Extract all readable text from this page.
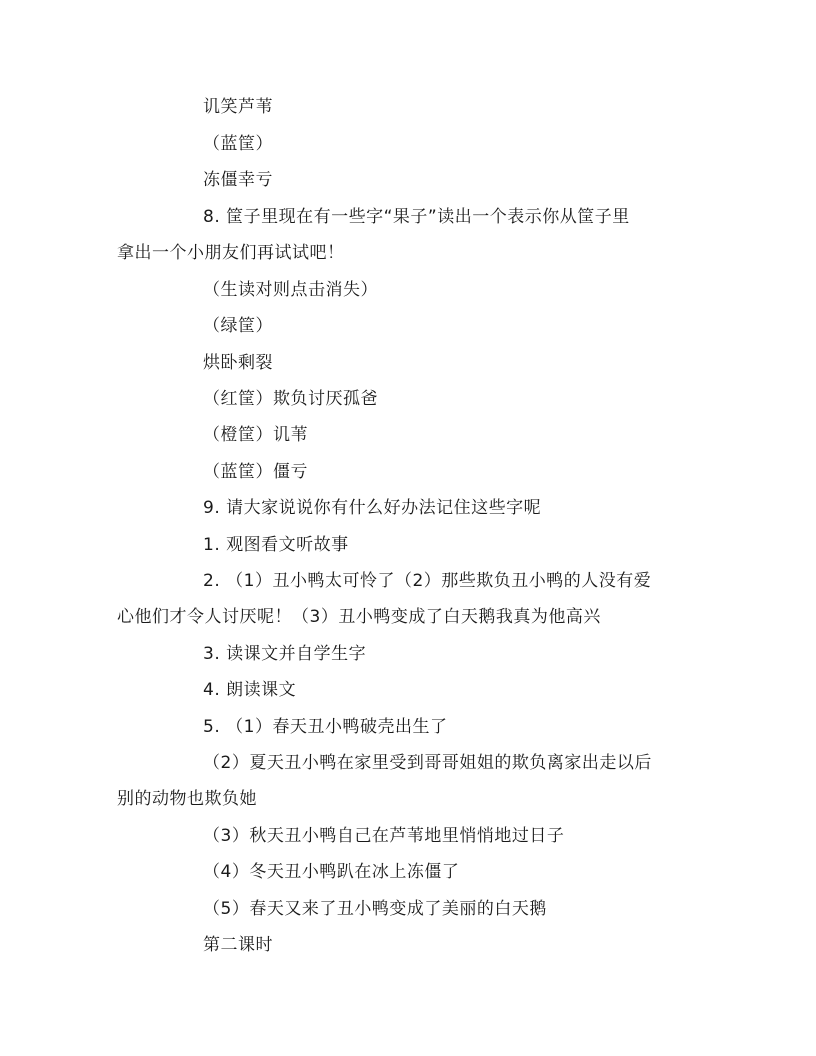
讥笑芦苇
（蓝筐）
冻僵幸亏
8. 筐子里现在有一些字“果子”读出一个表示你从筐子里
拿出一个小朋友们再试试吧！
（生读对则点击消失）
（绿筐）
烘卧剩裂
（红筐）欺负讨厌孤爸
（橙筐）讥苇
（蓝筐）僵亏
9. 请大家说说你有什么好办法记住这些字呢
1. 观图看文听故事
2. （1）丑小鸭太可怜了（2）那些欺负丑小鸭的人没有爱
心他们才令人讨厌呢！（3）丑小鸭变成了白天鹅我真为他高兴
3. 读课文并自学生字
4. 朗读课文
5. （1）春天丑小鸭破壳出生了
（2）夏天丑小鸭在家里受到哥哥姐姐的欺负离家出走以后
别的动物也欺负她
（3）秋天丑小鸭自己在芦苇地里悄悄地过日子
（4）冬天丑小鸭趴在冰上冻僵了
（5）春天又来了丑小鸭变成了美丽的白天鹅
第二课时
